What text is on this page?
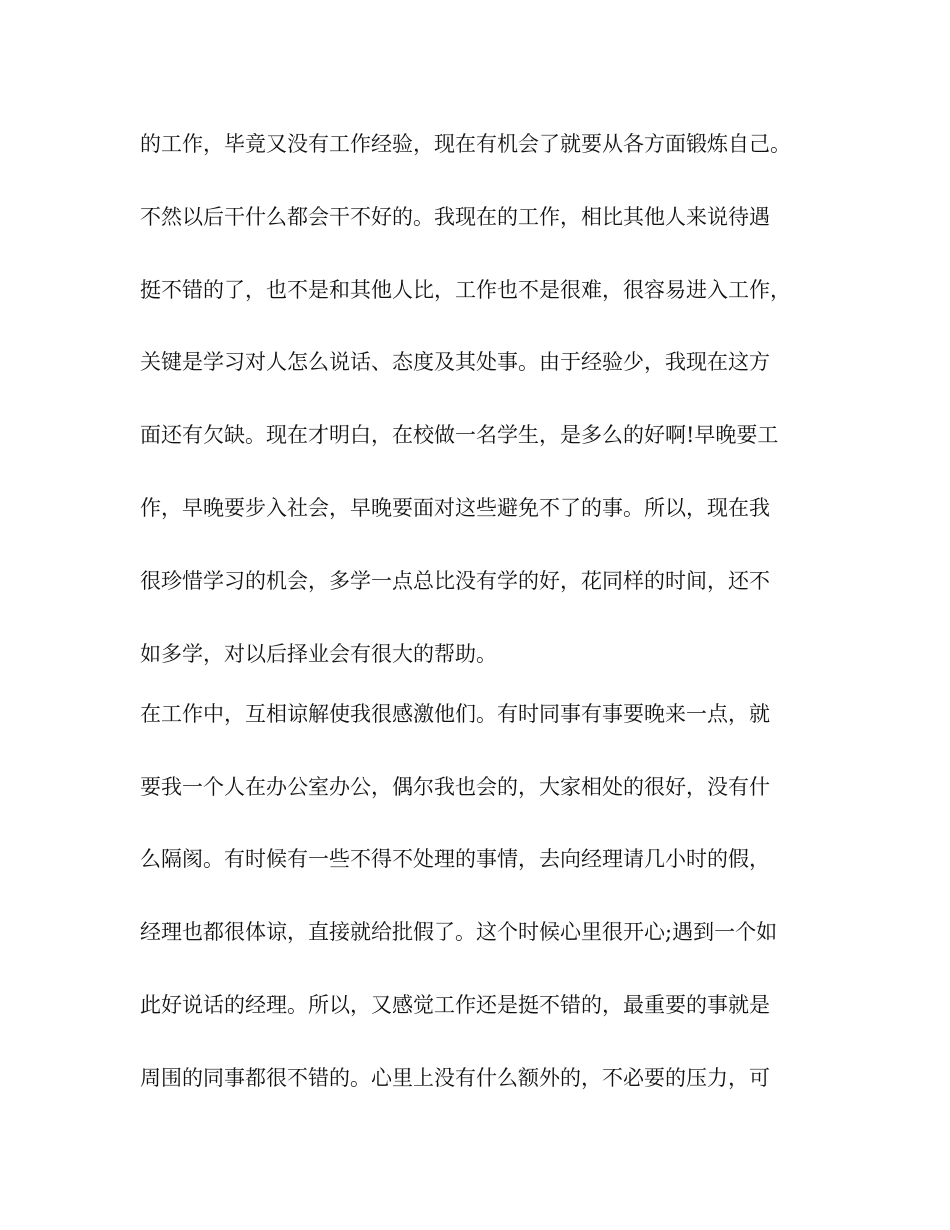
的工作，毕竟又没有工作经验，现在有机会了就要从各方面锻炼自己。
不然以后干什么都会干不好的。我现在的工作，相比其他人来说待遇
挺不错的了，也不是和其他人比，工作也不是很难，很容易进入工作，
关键是学习对人怎么说话、态度及其处事。由于经验少，我现在这方
面还有欠缺。现在才明白，在校做一名学生，是多么的好啊!早晚要工
作，早晚要步入社会，早晚要面对这些避免不了的事。所以，现在我
很珍惜学习的机会，多学一点总比没有学的好，花同样的时间，还不
如多学，对以后择业会有很大的帮助。
在工作中，互相谅解使我很感激他们。有时同事有事要晚来一点，就
要我一个人在办公室办公，偶尔我也会的，大家相处的很好，没有什
么隔阂。有时候有一些不得不处理的事情，去向经理请几小时的假，
经理也都很体谅，直接就给批假了。这个时候心里很开心;遇到一个如
此好说话的经理。所以，又感觉工作还是挺不错的，最重要的事就是
周围的同事都很不错的。心里上没有什么额外的，不必要的压力，可
